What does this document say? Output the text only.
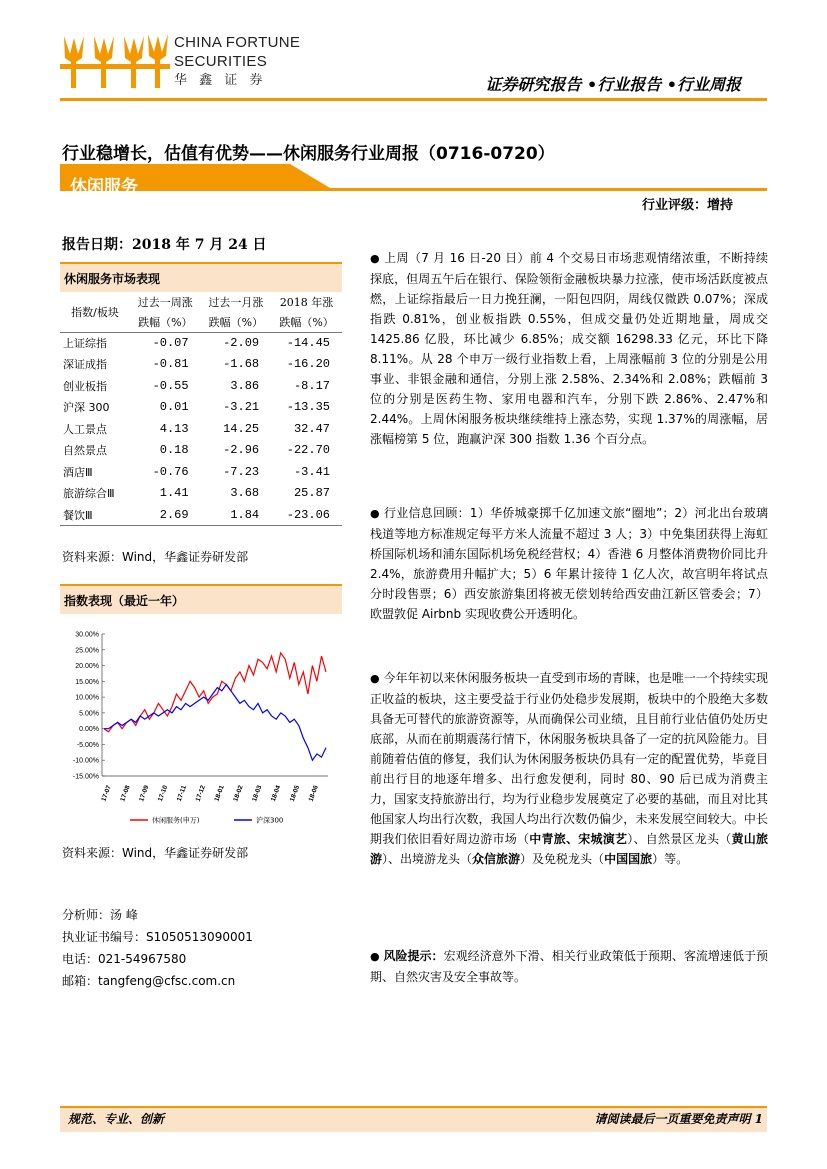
CHINA FORTUNE
SECURITIES
华 鑫 证 券	证券研究报告 •行业报告 •行业周报
行业稳增长，估值有优势——休闲服务行业周报（0716-0720）
休闲服务
行业评级：增持
报告日期：2018 年 7 月 24 日
休闲服务市场表现
指数/板块	过去一周涨	过去一月涨	2018 年涨
	跌幅（%）	跌幅（%）	跌幅（%）
上证综指	-0.07	-2.09	-14.45
深证成指	-0.81	-1.68	-16.20
创业板指	-0.55	3.86	-8.17
沪深 300	0.01	-3.21	-13.35
人工景点	4.13	14.25	32.47
自然景点	0.18	-2.96	-22.70
酒店Ⅲ	-0.76	-7.23	-3.41
旅游综合Ⅲ	1.41	3.68	25.87
餐饮Ⅲ	2.69	1.84	-23.06
资料来源：Wind，华鑫证券研发部
指数表现（最近一年）
30.00%
25.00%
20.00%
15.00%
10.00%
5.00%
0.00%
-5.00%
-10.00%
-15.00%
17-07 17-08 17-09 17-10 17-11 17-12 18-01 18-02 18-03 18-04 18-05 18-06
休闲服务(申万)	沪深300
资料来源：Wind，华鑫证券研发部
分析师：汤 峰
执业证书编号：S1050513090001
电话：021-54967580
邮箱：tangfeng@cfsc.com.cn
● 上周（7 月 16 日-20 日）前 4 个交易日市场悲观情绪浓重，不断持续探底，但周五午后在银行、保险领衔金融板块暴力拉涨，使市场活跃度被点燃，上证综指最后一日力挽狂澜，一阳包四阴，周线仅微跌 0.07%；深成指跌 0.81%，创业板指跌 0.55%，但成交量仍处近期地量，周成交 1425.86 亿股，环比减少 6.85%；成交额 16298.33 亿元，环比下降 8.11%。从 28 个申万一级行业指数上看，上周涨幅前 3 位的分别是公用事业、非银金融和通信，分别上涨 2.58%、2.34%和 2.08%；跌幅前 3 位的分别是医药生物、家用电器和汽车，分别下跌 2.86%、2.47%和 2.44%。上周休闲服务板块继续维持上涨态势，实现 1.37%的周涨幅，居涨幅榜第 5 位，跑赢沪深 300 指数 1.36 个百分点。
● 行业信息回顾：1）华侨城豪掷千亿加速文旅“圈地”；2）河北出台玻璃栈道等地方标准规定每平方米人流量不超过 3 人；3）中免集团获得上海虹桥国际机场和浦东国际机场免税经营权；4）香港 6 月整体消费物价同比升 2.4%，旅游费用升幅扩大；5）6 年累计接待 1 亿人次，故宫明年将试点分时段售票；6）西安旅游集团将被无偿划转给西安曲江新区管委会；7）欧盟敦促 Airbnb 实现收费公开透明化。
● 今年年初以来休闲服务板块一直受到市场的青睐，也是唯一一个持续实现正收益的板块，这主要受益于行业仍处稳步发展期，板块中的个股绝大多数具备无可替代的旅游资源等，从而确保公司业绩，且目前行业估值仍处历史底部，从而在前期震荡行情下，休闲服务板块具备了一定的抗风险能力。目前随着估值的修复，我们认为休闲服务板块仍具有一定的配置优势，毕竟目前出行目的地逐年增多、出行愈发便利，同时 80、90 后已成为消费主力，国家支持旅游出行，均为行业稳步发展奠定了必要的基础，而且对比其他国家人均出行次数，我国人均出行次数仍偏少，未来发展空间较大。中长期我们依旧看好周边游市场（中青旅、宋城演艺）、自然景区龙头（黄山旅游）、出境游龙头（众信旅游）及免税龙头（中国国旅）等。
● 风险提示：宏观经济意外下滑、相关行业政策低于预期、客流增速低于预期、自然灾害及安全事故等。
规范、专业、创新	请阅读最后一页重要免责声明 1
